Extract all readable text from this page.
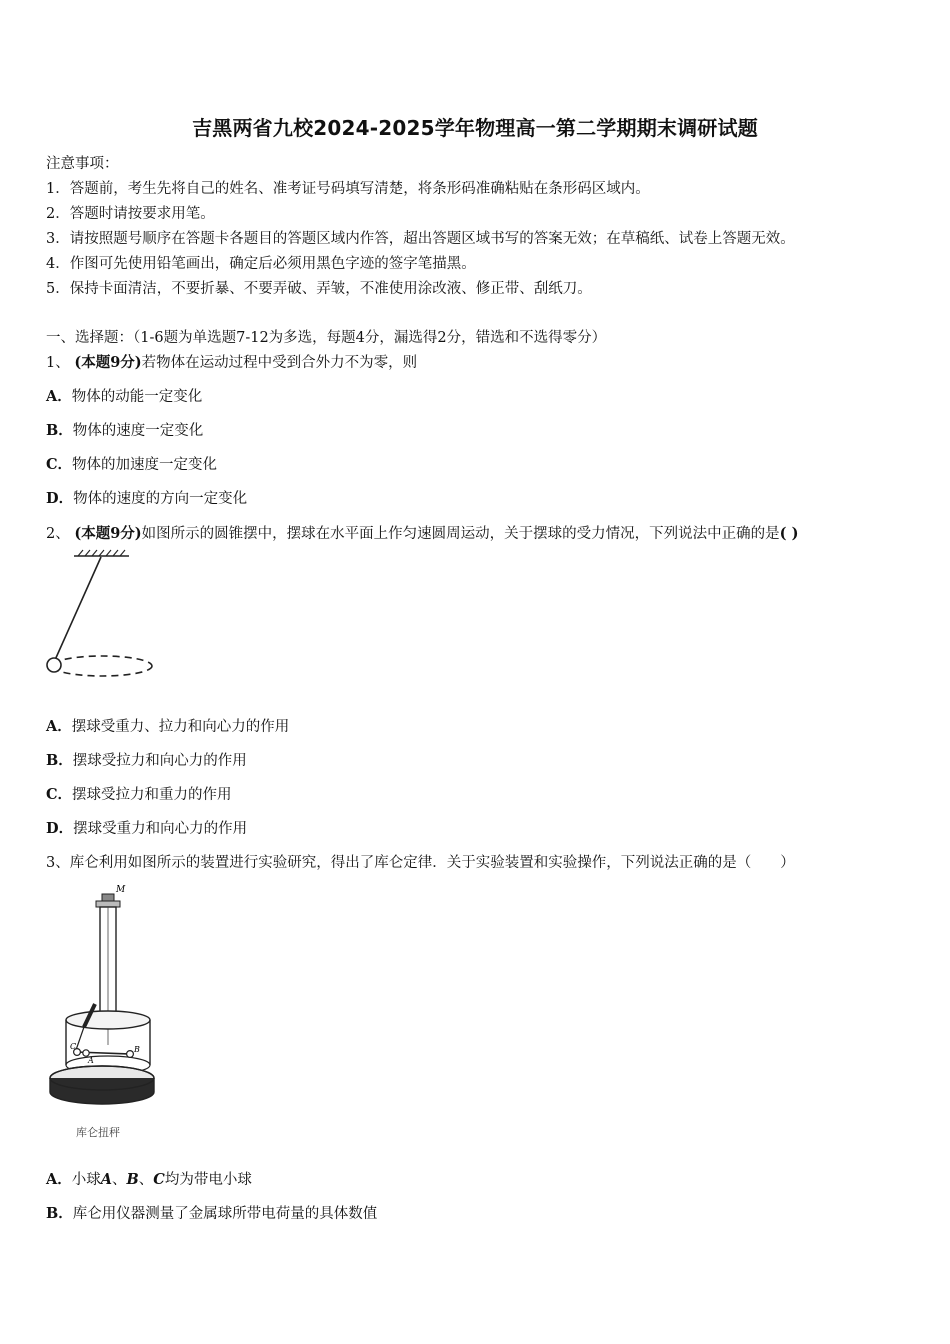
吉黑两省九校2024-2025学年物理高一第二学期期末调研试题
注意事项：
1．答题前，考生先将自己的姓名、准考证号码填写清楚，将条形码准确粘贴在条形码区域内。
2．答题时请按要求用笔。
3．请按照题号顺序在答题卡各题目的答题区域内作答，超出答题区域书写的答案无效；在草稿纸、试卷上答题无效。
4．作图可先使用铅笔画出，确定后必须用黑色字迹的签字笔描黑。
5．保持卡面清洁，不要折暴、不要弄破、弄皱，不准使用涂改液、修正带、刮纸刀。
一、选择题：（1-6题为单选题7-12为多选，每题4分，漏选得2分，错选和不选得零分）
1、 (本题9分)若物体在运动过程中受到合外力不为零，则
A．物体的动能一定变化
B．物体的速度一定变化
C．物体的加速度一定变化
D．物体的速度的方向一定变化
2、 (本题9分)如图所示的圆锥摆中，摆球在水平面上作匀速圆周运动，关于摆球的受力情况，下列说法中正确的是( )
A．摆球受重力、拉力和向心力的作用
B．摆球受拉力和向心力的作用
C．摆球受拉力和重力的作用
D．摆球受重力和向心力的作用
3、库仑利用如图所示的装置进行实验研究，得出了库仑定律．关于实验装置和实验操作，下列说法正确的是（　　）
M
C
A
B
库仑扭秤
A．小球A、B、C均为带电小球
B．库仑用仪器测量了金属球所带电荷量的具体数值
